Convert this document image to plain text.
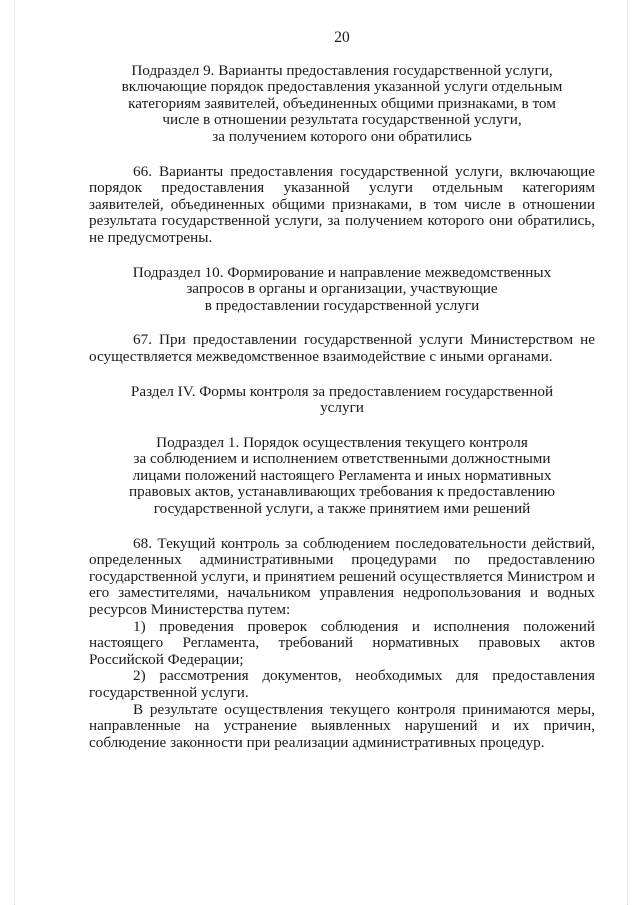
20

Подраздел 9. Варианты предоставления государственной услуги,
включающие порядок предоставления указанной услуги отдельным
категориям заявителей, объединенных общими признаками, в том
числе в отношении результата государственной услуги,
за получением которого они обратились

66. Варианты предоставления государственной услуги, включающие порядок предоставления указанной услуги отдельным категориям заявителей, объединенных общими признаками, в том числе в отношении результата государственной услуги, за получением которого они обратились, не предусмотрены.

Подраздел 10. Формирование и направление межведомственных
запросов в органы и организации, участвующие
в предоставлении государственной услуги

67. При предоставлении государственной услуги Министерством не осуществляется межведомственное взаимодействие с иными органами.

Раздел IV. Формы контроля за предоставлением государственной
услуги
Подраздел 1. Порядок осуществления текущего контроля
за соблюдением и исполнением ответственными должностными
лицами положений настоящего Регламента и иных нормативных
правовых актов, устанавливающих требования к предоставлению
государственной услуги, а также принятием ими решений

68. Текущий контроль за соблюдением последовательности действий, определенных административными процедурами по предоставлению государственной услуги, и принятием решений осуществляется Министром и его заместителями, начальником управления недропользования и водных ресурсов Министерства путем:

1) проведения проверок соблюдения и исполнения положений настоящего Регламента, требований нормативных правовых актов Российской Федерации;

2) рассмотрения документов, необходимых для предоставления государственной услуги.

В результате осуществления текущего контроля принимаются меры, направленные на устранение выявленных нарушений и их причин, соблюдение законности при реализации административных процедур.
